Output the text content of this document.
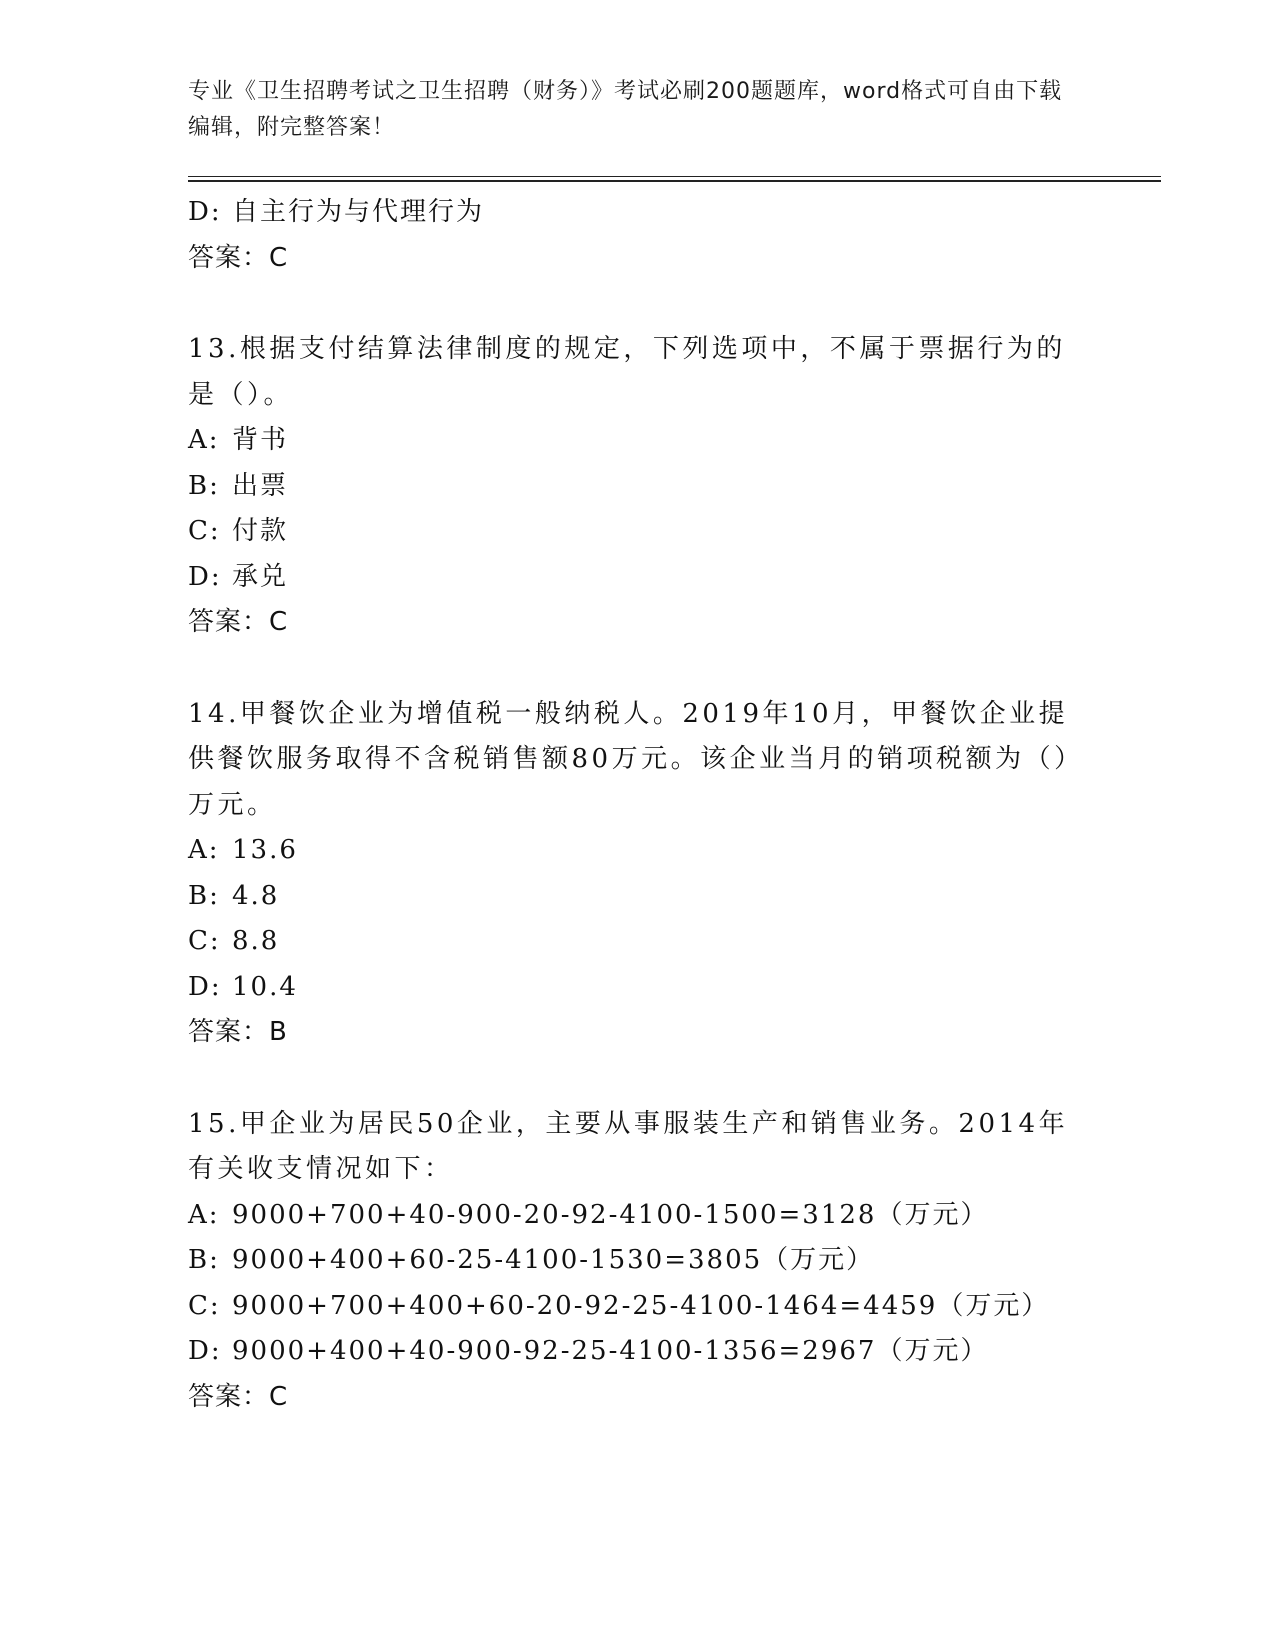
专业《卫生招聘考试之卫生招聘（财务）》考试必刷200题题库，word格式可自由下载编辑，附完整答案！
D: 自主行为与代理行为
答案：C
13.根据支付结算法律制度的规定，下列选项中，不属于票据行为的是（）。
A: 背书
B: 出票
C: 付款
D: 承兑
答案：C
14.甲餐饮企业为增值税一般纳税人。2019年10月，甲餐饮企业提供餐饮服务取得不含税销售额80万元。该企业当月的销项税额为（）万元。
A: 13.6
B: 4.8
C: 8.8
D: 10.4
答案：B
15.甲企业为居民50企业，主要从事服装生产和销售业务。2014年有关收支情况如下：
A: 9000+700+40-900-20-92-4100-1500=3128（万元）
B: 9000+400+60-25-4100-1530=3805（万元）
C: 9000+700+400+60-20-92-25-4100-1464=4459（万元）
D: 9000+400+40-900-92-25-4100-1356=2967（万元）
答案：C
